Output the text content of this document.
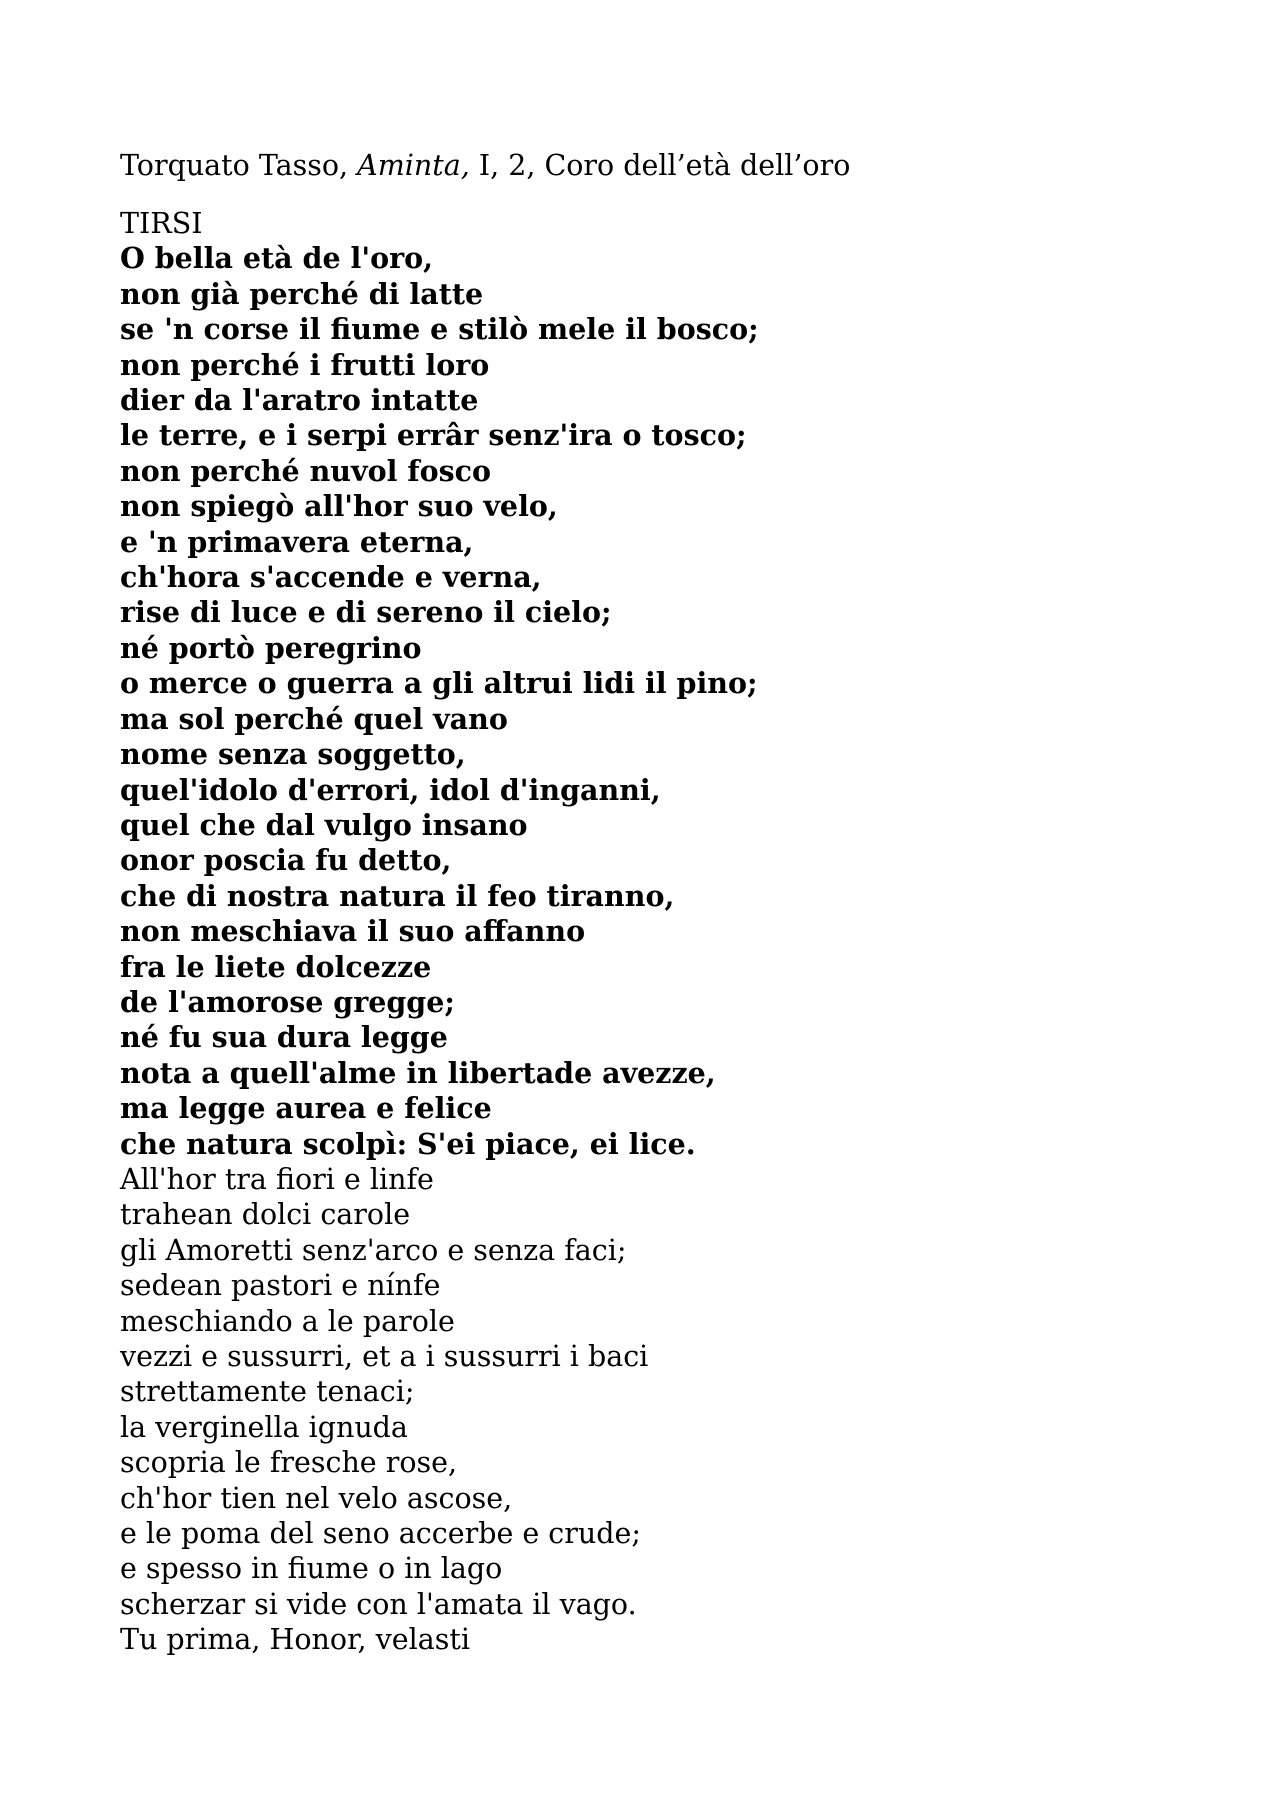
Torquato Tasso, Aminta, I, 2, Coro dell’età dell’oro
TIRSI
O bella età de l'oro,
non già perché di latte
se 'n corse il fiume e stilò mele il bosco;
non perché i frutti loro
dier da l'aratro intatte
le terre, e i serpi errâr senz'ira o tosco;
non perché nuvol fosco
non spiegò all'hor suo velo,
e 'n primavera eterna,
ch'hora s'accende e verna,
rise di luce e di sereno il cielo;
né portò peregrino
o merce o guerra a gli altrui lidi il pino;
ma sol perché quel vano
nome senza soggetto,
quel'idolo d'errori, idol d'inganni,
quel che dal vulgo insano
onor poscia fu detto,
che di nostra natura il feo tiranno,
non meschiava il suo affanno
fra le liete dolcezze
de l'amorose gregge;
né fu sua dura legge
nota a quell'alme in libertade avezze,
ma legge aurea e felice
che natura scolpì: S'ei piace, ei lice.
All'hor tra fiori e linfe
trahean dolci carole
gli Amoretti senz'arco e senza faci;
sedean pastori e nínfe
meschiando a le parole
vezzi e sussurri, et a i sussurri i baci
strettamente tenaci;
la verginella ignuda
scopria le fresche rose,
ch'hor tien nel velo ascose,
e le poma del seno accerbe e crude;
e spesso in fiume o in lago
scherzar si vide con l'amata il vago.
Tu prima, Honor, velasti
